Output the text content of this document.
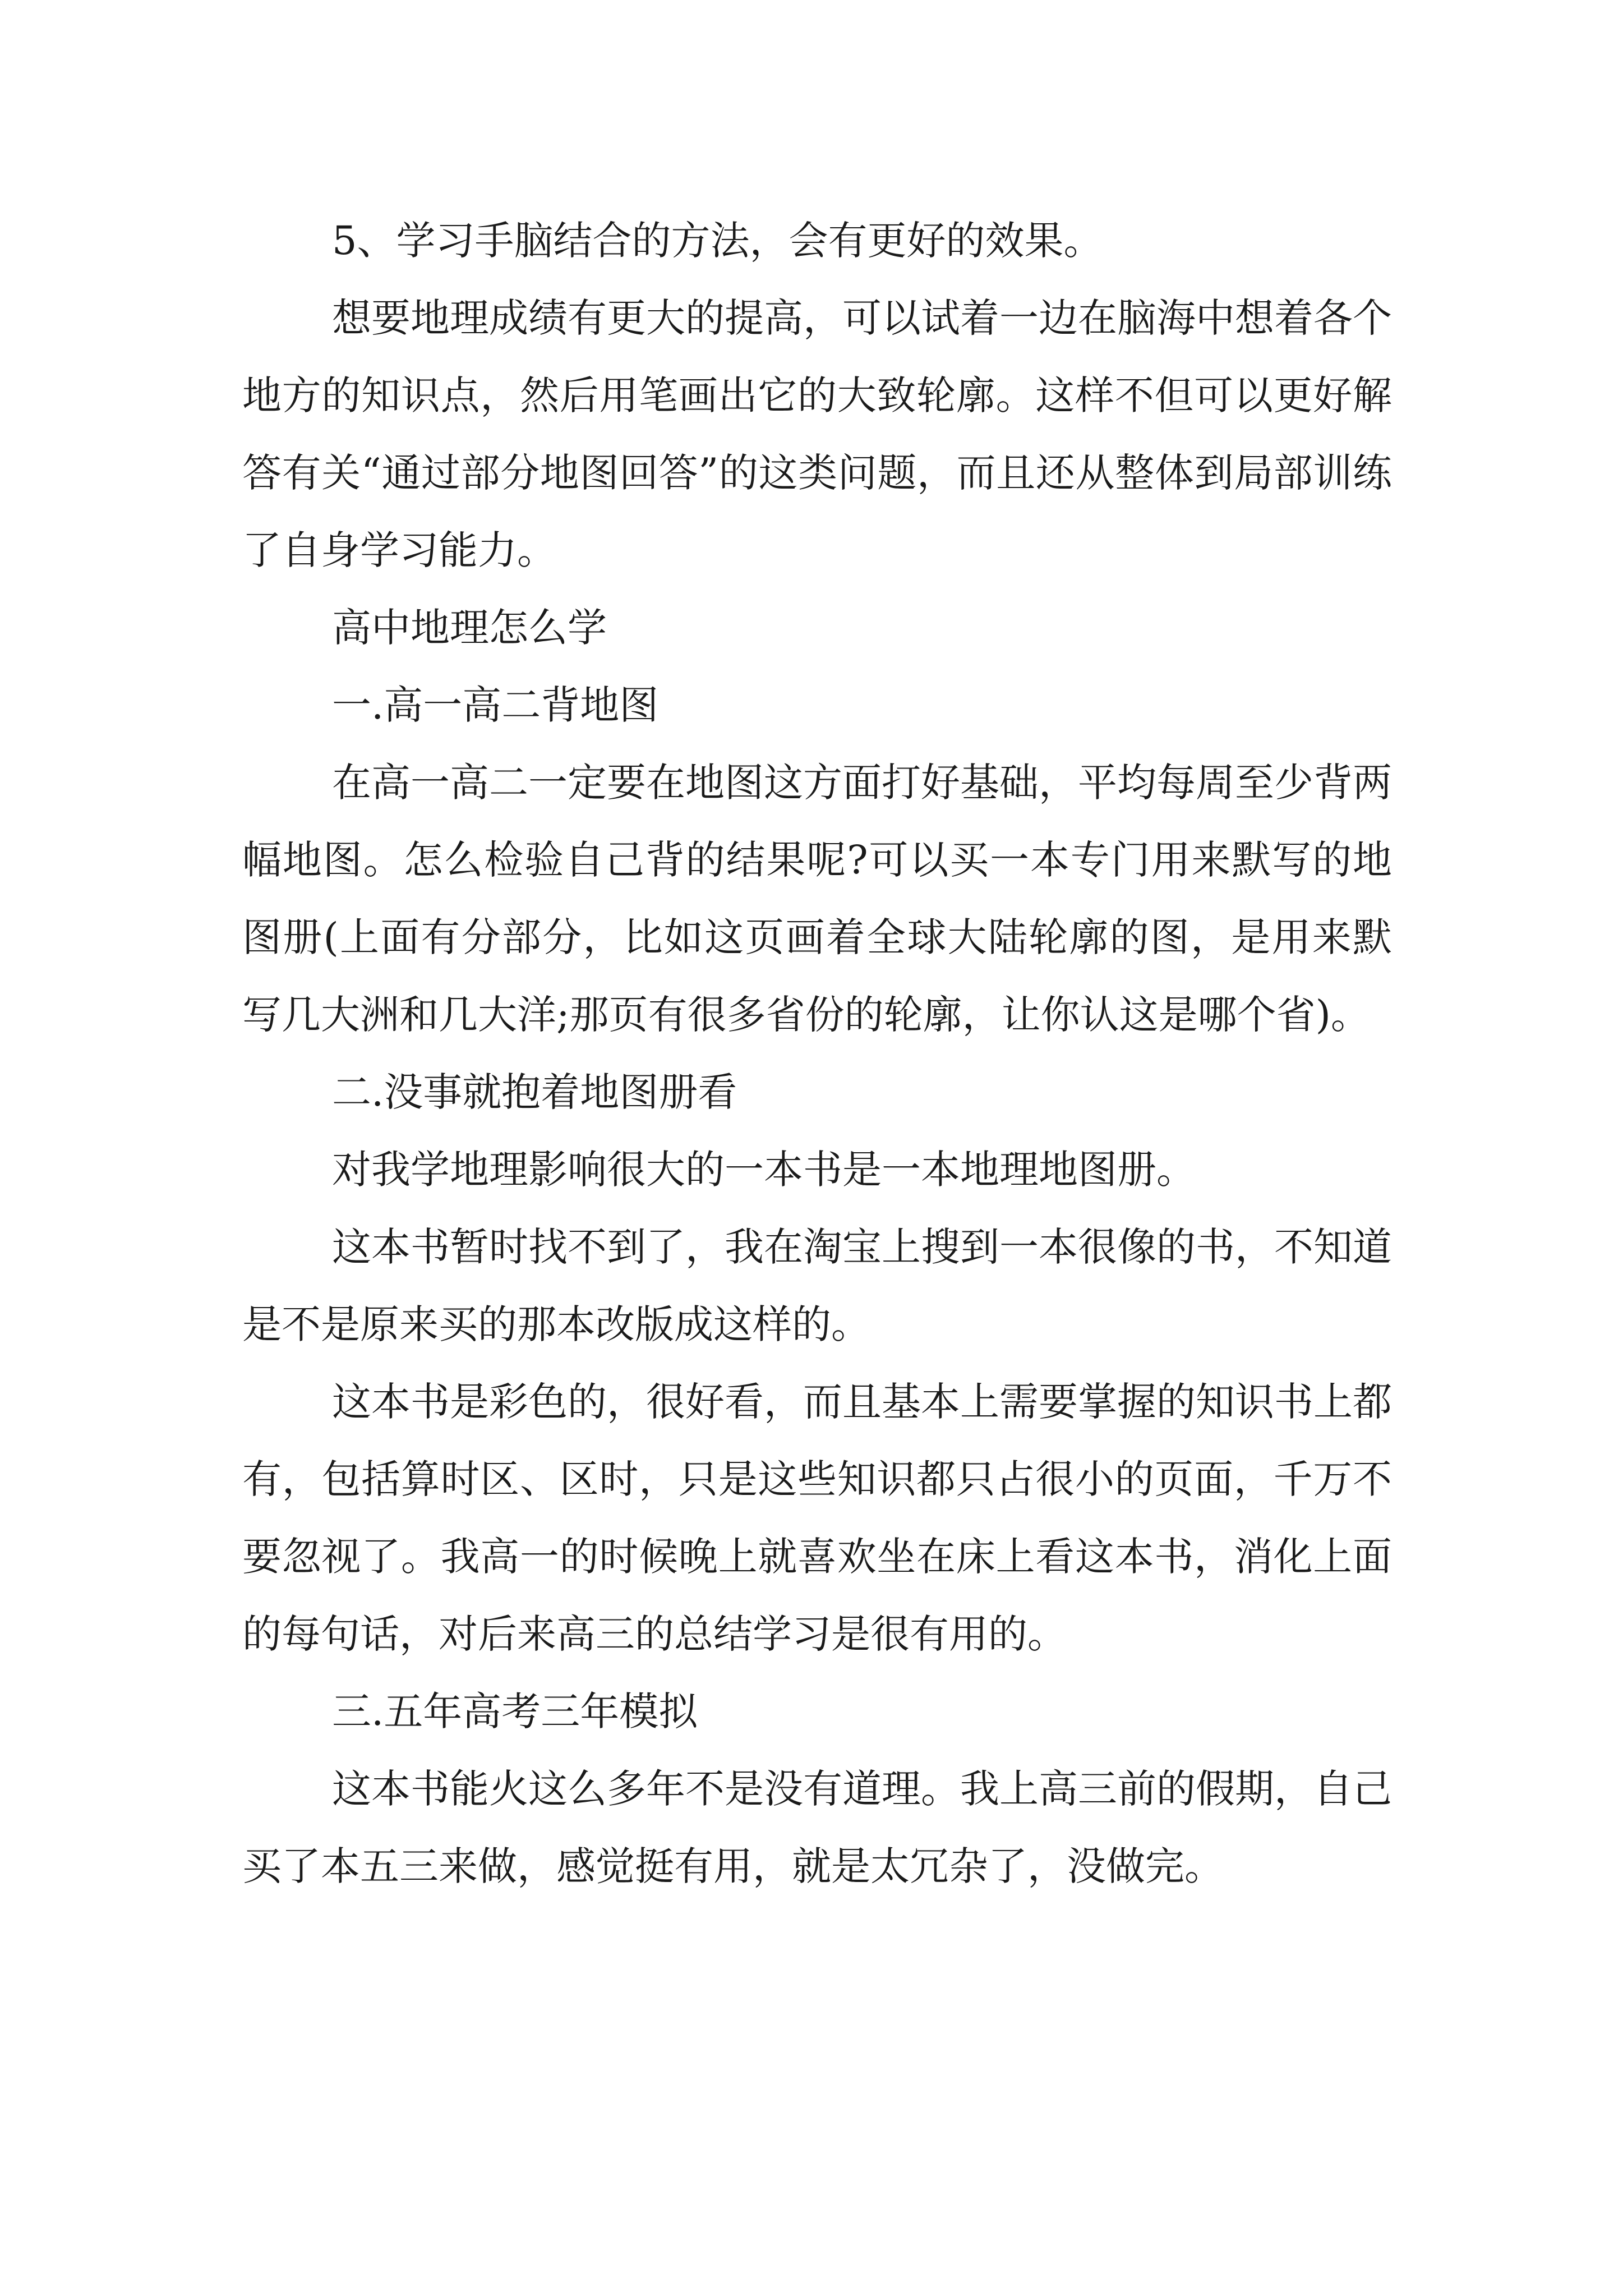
5、学习手脑结合的方法，会有更好的效果。

想要地理成绩有更大的提高，可以试着一边在脑海中想着各个地方的知识点，然后用笔画出它的大致轮廓。这样不但可以更好解答有关“通过部分地图回答”的这类问题，而且还从整体到局部训练了自身学习能力。

高中地理怎么学

一.高一高二背地图

在高一高二一定要在地图这方面打好基础，平均每周至少背两幅地图。怎么检验自己背的结果呢?可以买一本专门用来默写的地图册(上面有分部分，比如这页画着全球大陆轮廓的图，是用来默写几大洲和几大洋;那页有很多省份的轮廓，让你认这是哪个省)。

二.没事就抱着地图册看

对我学地理影响很大的一本书是一本地理地图册。

这本书暂时找不到了，我在淘宝上搜到一本很像的书，不知道是不是原来买的那本改版成这样的。

这本书是彩色的，很好看，而且基本上需要掌握的知识书上都有，包括算时区、区时，只是这些知识都只占很小的页面，千万不要忽视了。我高一的时候晚上就喜欢坐在床上看这本书，消化上面的每句话，对后来高三的总结学习是很有用的。

三.五年高考三年模拟

这本书能火这么多年不是没有道理。我上高三前的假期，自己买了本五三来做，感觉挺有用，就是太冗杂了，没做完。
